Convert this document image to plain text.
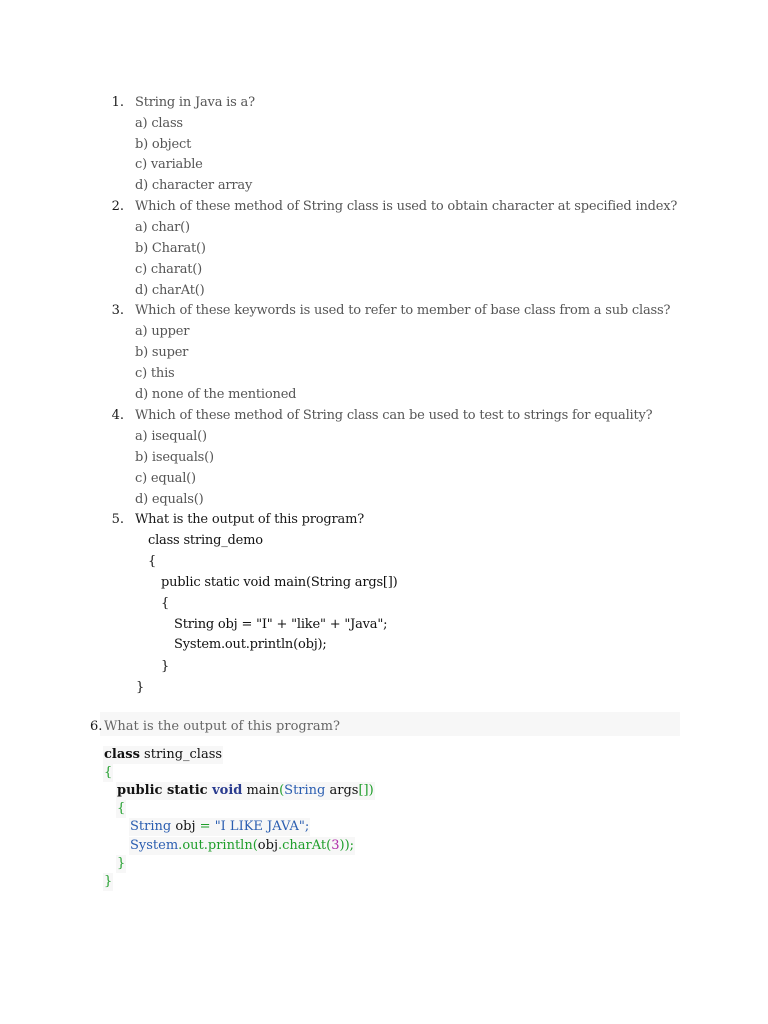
1. String in Java is a?
a) class
b) object
c) variable
d) character array
2. Which of these method of String class is used to obtain character at specified index?
a) char()
b) Charat()
c) charat()
d) charAt()
3. Which of these keywords is used to refer to member of base class from a sub class?
a) upper
b) super
c) this
d) none of the mentioned
4. Which of these method of String class can be used to test to strings for equality?
a) isequal()
b) isequals()
c) equal()
d) equals()
5. What is the output of this program?
class string_demo
{
public static void main(String args[])
{
String obj = "I" + "like" + "Java";
System.out.println(obj);
}
}
6. What is the output of this program?
class string_class
{
public static void main(String args[])
{
String obj = "I LIKE JAVA";
System.out.println(obj.charAt(3));
}
}
